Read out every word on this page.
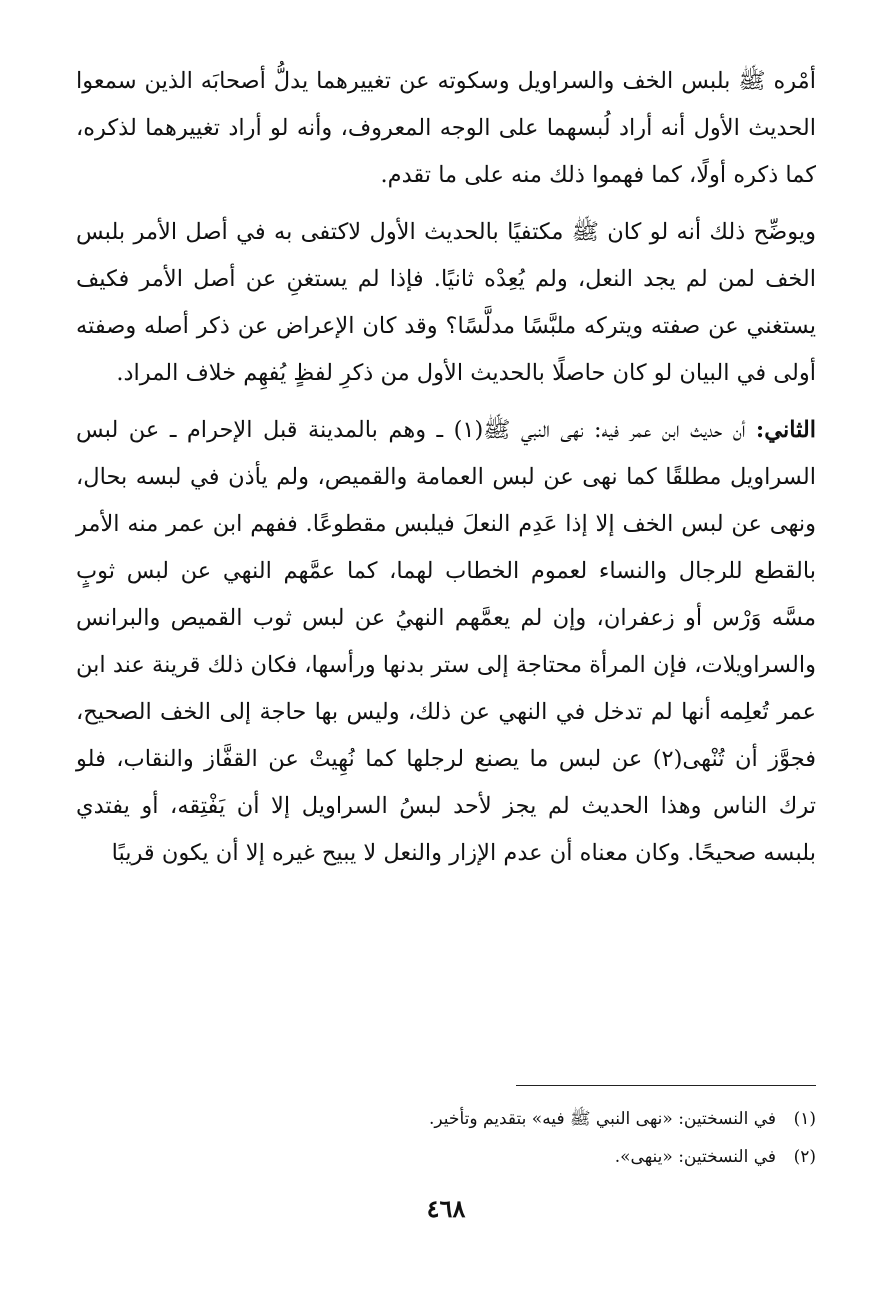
أمْره ﷺ بلبس الخف والسراويل وسكوته عن تغييرهما يدلُّ أصحابَه الذين سمعوا الحديث الأول أنه أراد لُبسهما على الوجه المعروف، وأنه لو أراد تغييرهما لذكره، كما ذكره أولًا، كما فهموا ذلك منه على ما تقدم.

ويوضِّح ذلك أنه لو كان ﷺ مكتفيًا بالحديث الأول لاكتفى به في أصل الأمر بلبس الخف لمن لم يجد النعل، ولم يُعِدْه ثانيًا. فإذا لم يستغنِ عن أصل الأمر فكيف يستغني عن صفته ويتركه ملبَّسًا مدلَّسًا؟ وقد كان الإعراض عن ذكر أصله وصفته أولى في البيان لو كان حاصلًا بالحديث الأول من ذكرِ لفظٍ يُفهِم خلاف المراد.

الثاني: أن حديث ابن عمر فيه: نهى النبي ﷺ(١) ـ وهم بالمدينة قبل الإحرام ـ عن لبس السراويل مطلقًا كما نهى عن لبس العمامة والقميص، ولم يأذن في لبسه بحال، ونهى عن لبس الخف إلا إذا عَدِم النعلَ فيلبس مقطوعًا. ففهم ابن عمر منه الأمر بالقطع للرجال والنساء لعموم الخطاب لهما، كما عمَّهم النهي عن لبس ثوبٍ مسَّه وَرْس أو زعفران، وإن لم يعمَّهم النهيُ عن لبس ثوب القميص والبرانس والسراويلات، فإن المرأة محتاجة إلى ستر بدنها ورأسها، فكان ذلك قرينة عند ابن عمر تُعلِمه أنها لم تدخل في النهي عن ذلك، وليس بها حاجة إلى الخف الصحيح، فجوَّز أن تُنْهى(٢) عن لبس ما يصنع لرجلها كما نُهِيتْ عن القفَّاز والنقاب، فلو ترك الناس وهذا الحديث لم يجز لأحد لبسُ السراويل إلا أن يَفْتِقه، أو يفتدي بلبسه صحيحًا. وكان معناه أن عدم الإزار والنعل لا يبيح غيره إلا أن يكون قريبًا

(١)في النسختين: «نهى النبي ﷺ فيه» بتقديم وتأخير.
(٢)في النسختين: «ينهى».
٤٦٨
